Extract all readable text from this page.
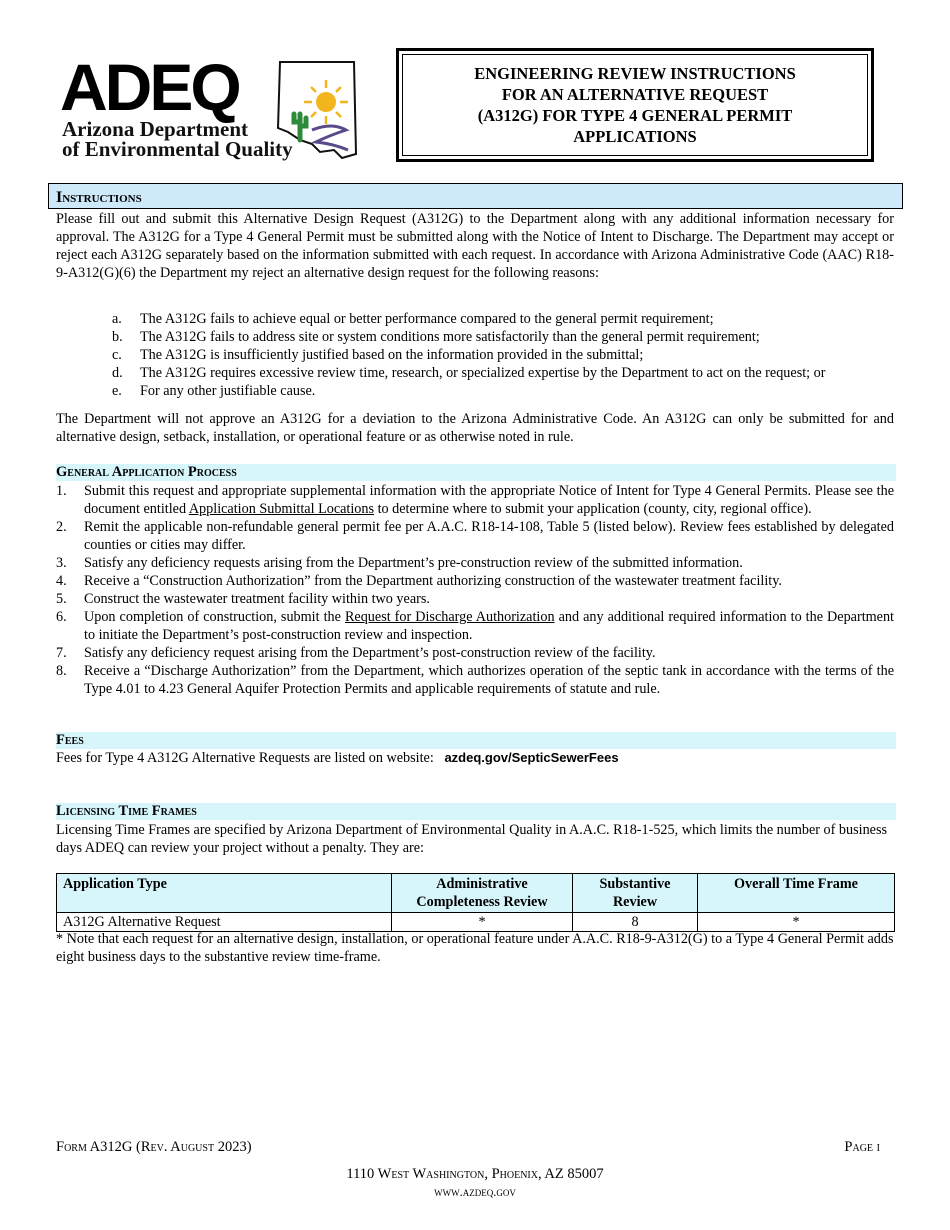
ADEQ
Arizona Department
of Environmental Quality
ENGINEERING REVIEW INSTRUCTIONS FOR AN ALTERNATIVE REQUEST (A312G) FOR TYPE 4 GENERAL PERMIT APPLICATIONS
Instructions
Please fill out and submit this Alternative Design Request (A312G) to the Department along with any additional information necessary for approval. The A312G for a Type 4 General Permit must be submitted along with the Notice of Intent to Discharge. The Department may accept or reject each A312G separately based on the information submitted with each request. In accordance with Arizona Administrative Code (AAC) R18-9-A312(G)(6) the Department my reject an alternative design request for the following reasons:
a.	The A312G fails to achieve equal or better performance compared to the general permit requirement;
b.	The A312G fails to address site or system conditions more satisfactorily than the general permit requirement;
c.	The A312G is insufficiently justified based on the information provided in the submittal;
d.	The A312G requires excessive review time, research, or specialized expertise by the Department to act on the request; or
e.	For any other justifiable cause.
The Department will not approve an A312G for a deviation to the Arizona Administrative Code. An A312G can only be submitted for and alternative design, setback, installation, or operational feature or as otherwise noted in rule.
General Application Process
1.	Submit this request and appropriate supplemental information with the appropriate Notice of Intent for Type 4 General Permits. Please see the document entitled Application Submittal Locations to determine where to submit your application (county, city, regional office).
2.	Remit the applicable non-refundable general permit fee per A.A.C. R18-14-108, Table 5 (listed below). Review fees established by delegated counties or cities may differ.
3.	Satisfy any deficiency requests arising from the Department’s pre-construction review of the submitted information.
4.	Receive a “Construction Authorization” from the Department authorizing construction of the wastewater treatment facility.
5.	Construct the wastewater treatment facility within two years.
6.	Upon completion of construction, submit the Request for Discharge Authorization and any additional required information to the Department to initiate the Department’s post-construction review and inspection.
7.	Satisfy any deficiency request arising from the Department’s post-construction review of the facility.
8.	Receive a “Discharge Authorization” from the Department, which authorizes operation of the septic tank in accordance with the terms of the Type 4.01 to 4.23 General Aquifer Protection Permits and applicable requirements of statute and rule.
Fees
Fees for Type 4 A312G Alternative Requests are listed on website: azdeq.gov/SepticSewerFees
Licensing Time Frames
Licensing Time Frames are specified by Arizona Department of Environmental Quality in A.A.C. R18-1-525, which limits the number of business days ADEQ can review your project without a penalty. They are:
Application Type	Administrative Completeness Review	Substantive Review	Overall Time Frame
A312G Alternative Request	*	8	*
* Note that each request for an alternative design, installation, or operational feature under A.A.C. R18-9-A312(G) to a Type 4 General Permit adds eight business days to the substantive review time-frame.
Form A312G (Rev. August 2023)	Page i
1110 West Washington, Phoenix, AZ 85007
www.azdeq.gov
